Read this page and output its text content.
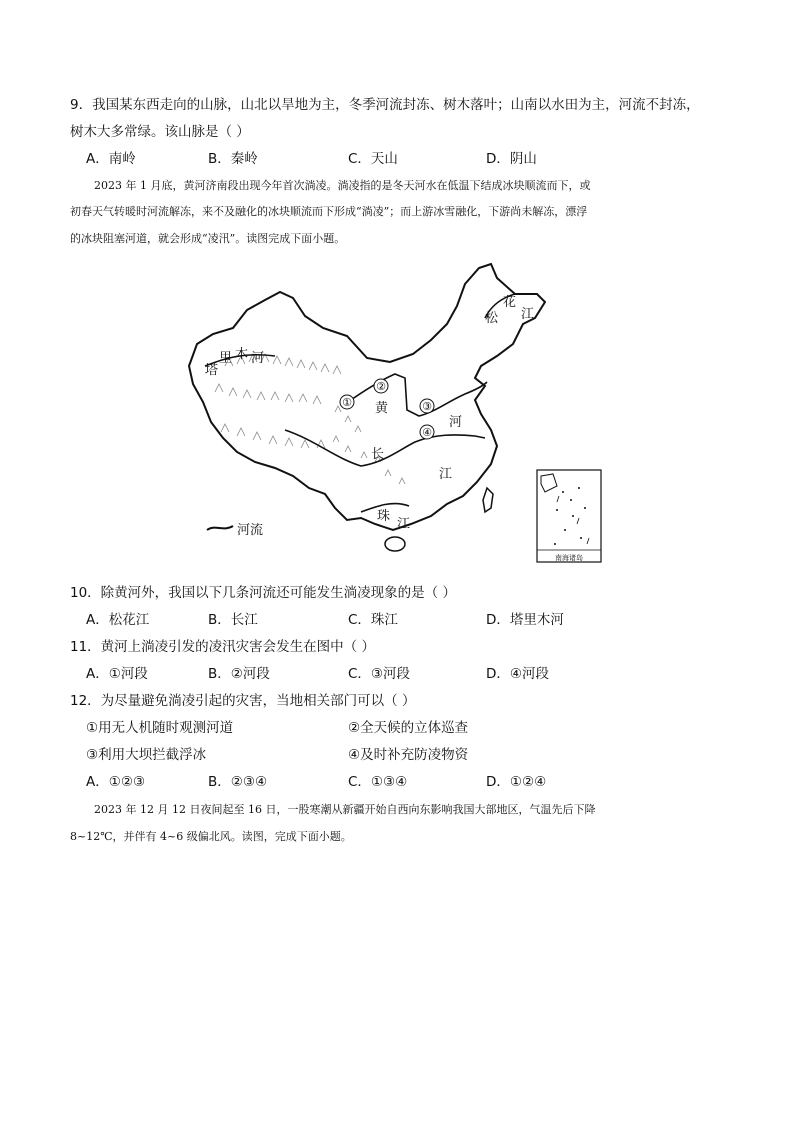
9．我国某东西走向的山脉，山北以旱地为主，冬季河流封冻、树木落叶；山南以水田为主，河流不封冻，
树木大多常绿。该山脉是（ ）
A．南岭	B．秦岭	C．天山	D．阴山
2023 年 1 月底，黄河济南段出现今年首次淌凌。淌凌指的是冬天河水在低温下结成冰块顺流而下，或
初春天气转暖时河流解冻，来不及融化的冰块顺流而下形成“淌凌”；而上游冰雪融化，下游尚未解冻，漂浮
的冰块阻塞河道，就会形成“凌汛”。读图完成下面小题。
松
花
江
塔
里 木 河
黄
河
长
江
珠
江
①
②
③
④
河流
南海诸岛
10．除黄河外，我国以下几条河流还可能发生淌凌现象的是（ ）
A．松花江	B．长江	C．珠江	D．塔里木河
11．黄河上淌凌引发的凌汛灾害会发生在图中（ ）
A．①河段	B．②河段	C．③河段	D．④河段
12．为尽量避免淌凌引起的灾害，当地相关部门可以（ ）
①用无人机随时观测河道	②全天候的立体巡查
③利用大坝拦截浮冰	④及时补充防凌物资
A．①②③	B．②③④	C．①③④	D．①②④
2023 年 12 月 12 日夜间起至 16 日，一股寒潮从新疆开始自西向东影响我国大部地区，气温先后下降
8~12℃，并伴有 4~6 级偏北风。读图，完成下面小题。
